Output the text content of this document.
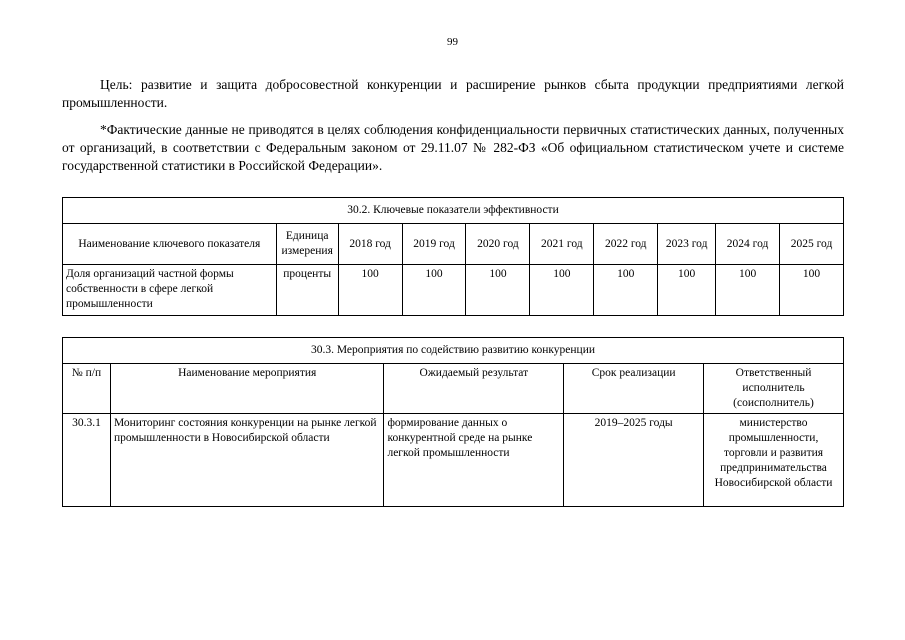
99
Цель: развитие и защита добросовестной конкуренции и расширение рынков сбыта продукции предприятиями легкой промышленности.
*Фактические данные не приводятся в целях соблюдения конфиденциальности первичных статистических данных, полученных от организаций, в соответствии с Федеральным законом от 29.11.07 № 282-ФЗ «Об официальном статистическом учете и системе государственной статистики в Российской Федерации».
30.2. Ключевые показатели эффективности									
Наименование ключевого показателя	Единица измерения	2018 год	2019 год	2020 год	2021 год	2022 год	2023 год	2024 год	2025 год
Доля организаций частной формы собственности в сфере легкой промышленности	проценты	100	100	100	100	100	100	100	100
30.3. Мероприятия по содействию развитию конкуренции				
№ п/п	Наименование мероприятия	Ожидаемый результат	Срок реализации	Ответственный исполнитель (соисполнитель)
30.3.1	Мониторинг состояния конкуренции на рынке легкой промышленности в Новосибирской области	формирование данных о конкурентной среде на рынке легкой промышленности	2019–2025 годы	министерство промышленности, торговли и развития предпринимательства Новосибирской области
